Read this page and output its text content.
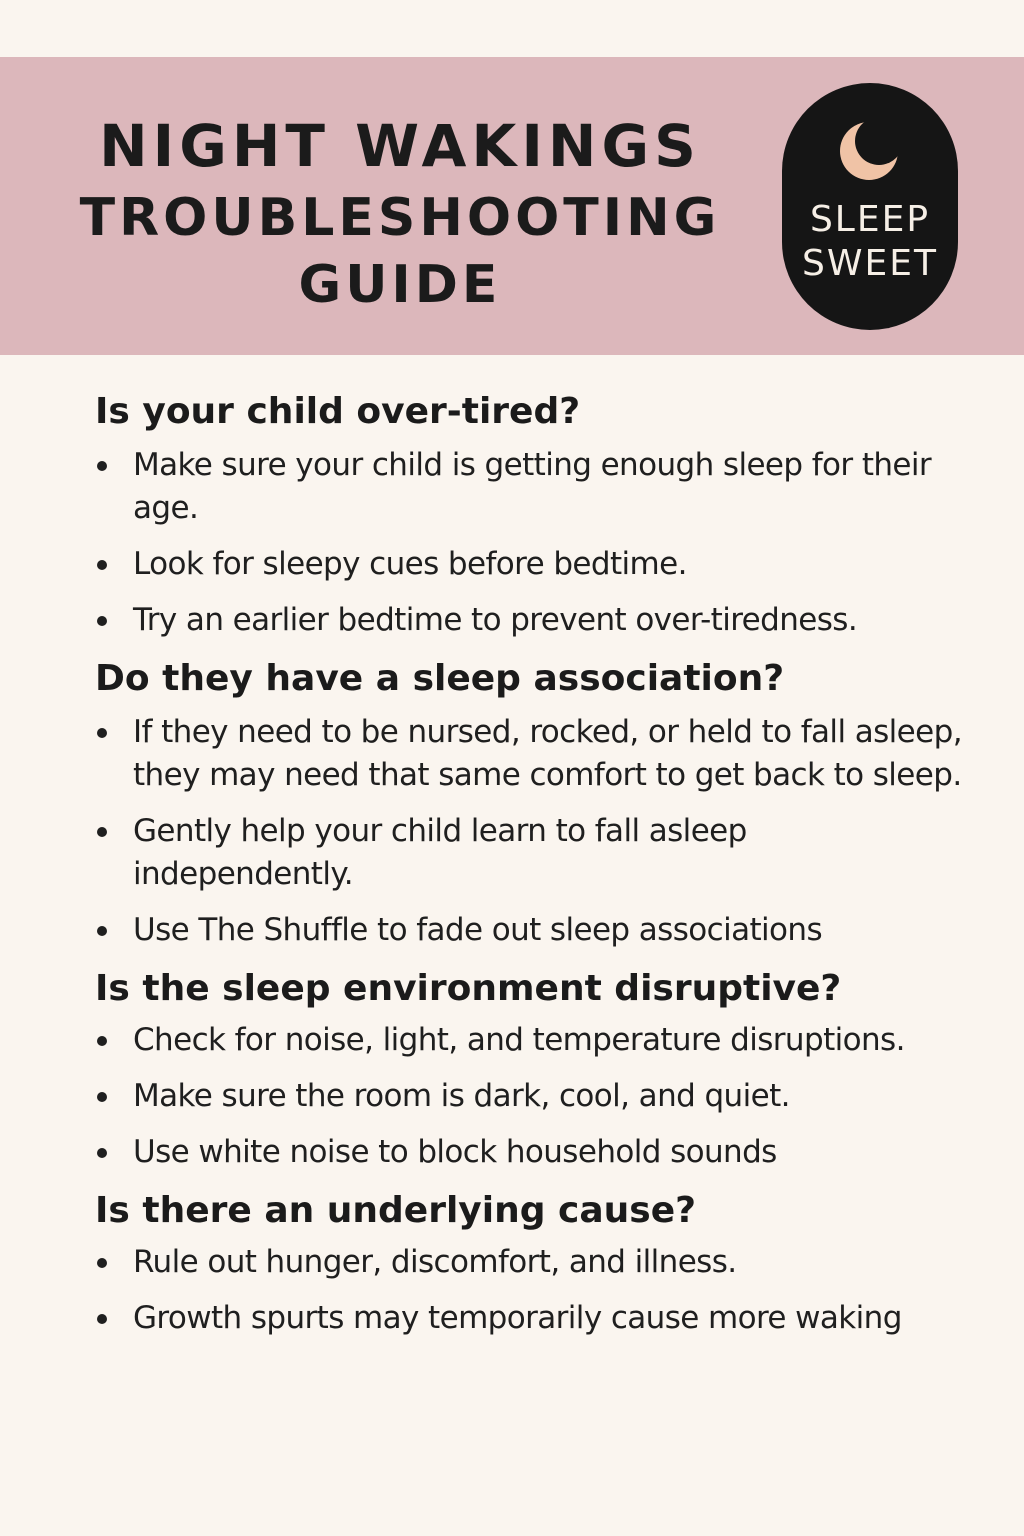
NIGHT WAKINGS
TROUBLESHOOTING
GUIDE
SLEEP
SWEET
Is your child over-tired?
Make sure your child is getting enough sleep for their age.
Look for sleepy cues before bedtime.
Try an earlier bedtime to prevent over-tiredness.
Do they have a sleep association?
If they need to be nursed, rocked, or held to fall asleep, they may need that same comfort to get back to sleep.
Gently help your child learn to fall asleep independently.
Use The Shuffle to fade out sleep associations
Is the sleep environment disruptive?
Check for noise, light, and temperature disruptions.
Make sure the room is dark, cool, and quiet.
Use white noise to block household sounds
Is there an underlying cause?
Rule out hunger, discomfort, and illness.
Growth spurts may temporarily cause more waking
